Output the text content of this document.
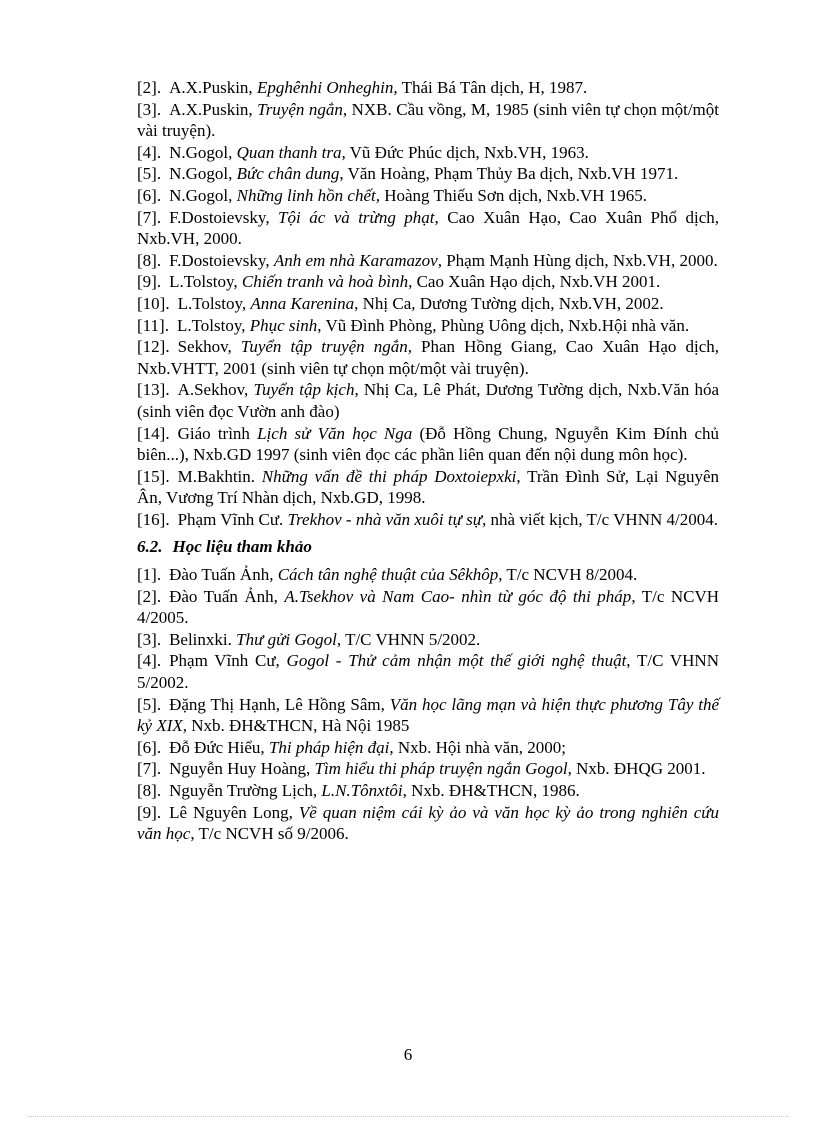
[2]. A.X.Puskin, Epghênhi Onheghin, Thái Bá Tân dịch, H, 1987.

[3]. A.X.Puskin, Truyện ngắn, NXB. Cầu vồng, M, 1985 (sinh viên tự chọn một/một vài truyện).

[4]. N.Gogol, Quan thanh tra, Vũ Đức Phúc dịch, Nxb.VH, 1963.

[5]. N.Gogol, Bức chân dung, Văn Hoàng, Phạm Thủy Ba dịch, Nxb.VH 1971.

[6]. N.Gogol, Những linh hồn chết, Hoàng Thiếu Sơn dịch, Nxb.VH 1965.

[7]. F.Dostoievsky, Tội ác và trừng phạt, Cao Xuân Hạo, Cao Xuân Phổ dịch, Nxb.VH, 2000.

[8]. F.Dostoievsky, Anh em nhà Karamazov, Phạm Mạnh Hùng dịch, Nxb.VH, 2000.

[9]. L.Tolstoy, Chiến tranh và hoà bình, Cao Xuân Hạo dịch, Nxb.VH 2001.

[10]. L.Tolstoy, Anna Karenina, Nhị Ca, Dương Tường dịch, Nxb.VH, 2002.

[11]. L.Tolstoy, Phục sinh, Vũ Đình Phòng, Phùng Uông dịch, Nxb.Hội nhà văn.

[12]. Sekhov, Tuyển tập truyện ngắn, Phan Hồng Giang, Cao Xuân Hạo dịch, Nxb.VHTT, 2001 (sinh viên tự chọn một/một vài truyện).

[13]. A.Sekhov, Tuyển tập kịch, Nhị Ca, Lê Phát, Dương Tường dịch, Nxb.Văn hóa (sinh viên đọc Vườn anh đào)

[14]. Giáo trình Lịch sử Văn học Nga (Đỗ Hồng Chung, Nguyễn Kim Đính chủ biên...), Nxb.GD 1997 (sinh viên đọc các phần liên quan đến nội dung môn học).

[15]. M.Bakhtin. Những vấn đề thi pháp Doxtoiepxki, Trần Đình Sử, Lại Nguyên Ân, Vương Trí Nhàn dịch, Nxb.GD, 1998.

[16]. Phạm Vĩnh Cư. Trekhov - nhà văn xuôi tự sự, nhà viết kịch, T/c VHNN 4/2004.

6.2. Học liệu tham khảo

[1]. Đào Tuấn Ảnh, Cách tân nghệ thuật của Sêkhôp, T/c NCVH 8/2004.

[2]. Đào Tuấn Ảnh, A.Tsekhov và Nam Cao- nhìn từ góc độ thi pháp, T/c NCVH 4/2005.

[3]. Belinxki. Thư gửi Gogol, T/C VHNN 5/2002.

[4]. Phạm Vĩnh Cư, Gogol - Thử cảm nhận một thế giới nghệ thuật, T/C VHNN 5/2002.

[5]. Đặng Thị Hạnh, Lê Hồng Sâm, Văn học lãng mạn và hiện thực phương Tây thế kỷ XIX, Nxb. ĐH&THCN, Hà Nội 1985

[6]. Đỗ Đức Hiểu, Thi pháp hiện đại, Nxb. Hội nhà văn, 2000;

[7]. Nguyễn Huy Hoàng, Tìm hiểu thi pháp truyện ngắn Gogol, Nxb. ĐHQG 2001.

[8]. Nguyễn Trường Lịch, L.N.Tônxtôi, Nxb. ĐH&THCN, 1986.

[9]. Lê Nguyên Long, Về quan niệm cái kỳ ảo và văn học kỳ ảo trong nghiên cứu văn học, T/c NCVH số 9/2006.

6
